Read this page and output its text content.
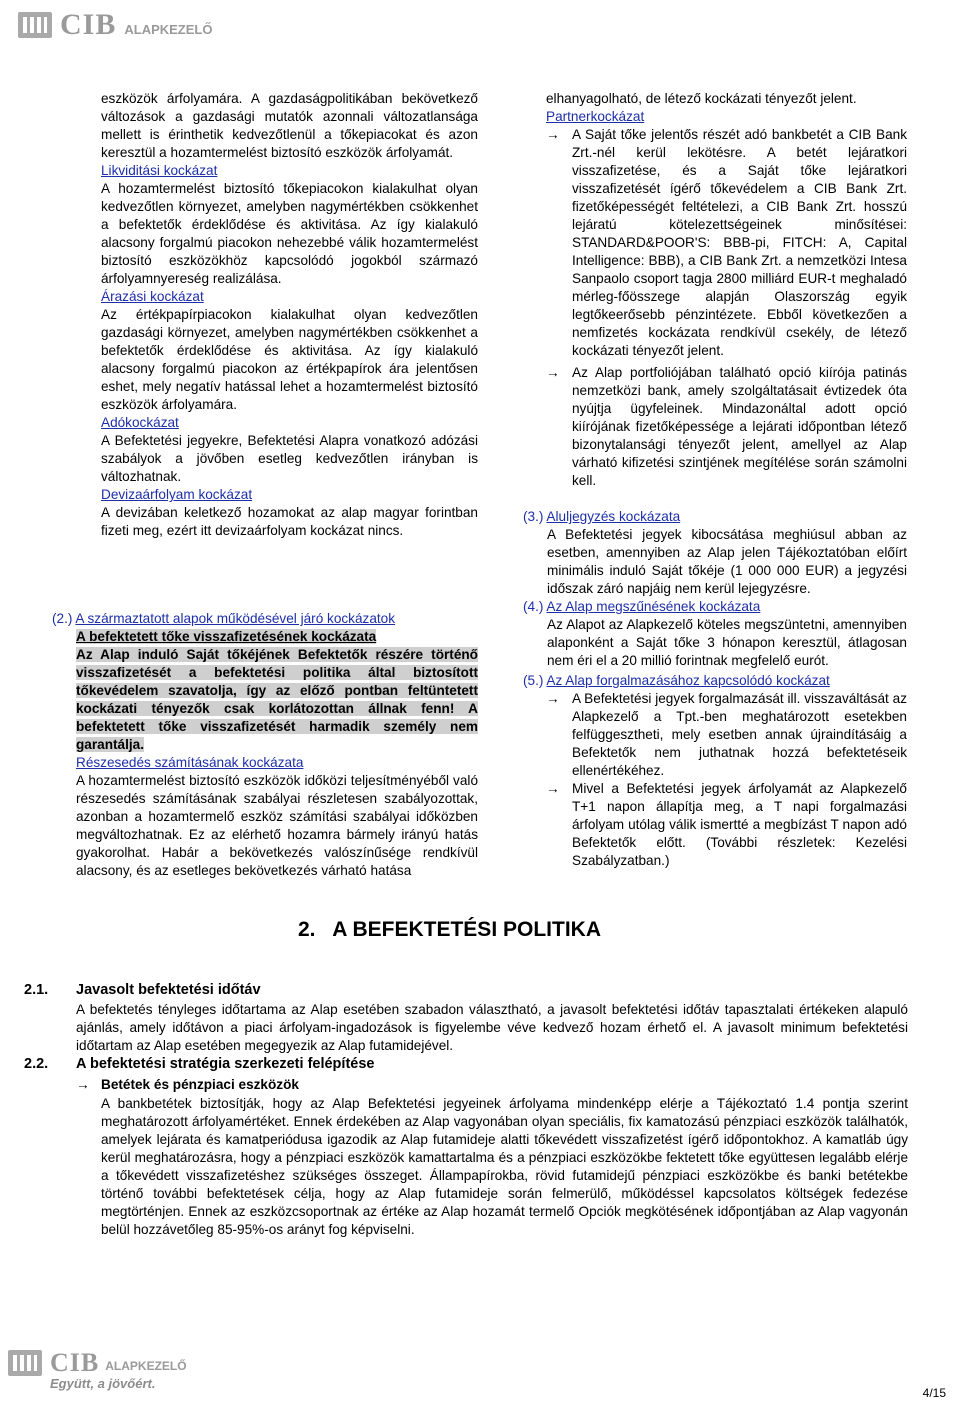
CIB ALAPKEZELŐ

eszközök árfolyamára. A gazdaságpolitikában bekövetkező változások a gazdasági mutatók azonnali változatlansága mellett is érinthetik kedvezőtlenül a tőkepiacokat és azon keresztül a hozamtermelést biztosító eszközök árfolyamát.

Likviditási kockázat

A hozamtermelést biztosító tőkepiacokon kialakulhat olyan kedvezőtlen környezet, amelyben nagymértékben csökkenhet a befektetők érdeklődése és aktivitása. Az így kialakuló alacsony forgalmú piacokon nehezebbé válik hozamtermelést biztosító eszközökhöz kapcsolódó jogokból származó árfolyamnyereség realizálása.

Árazási kockázat

Az értékpapírpiacokon kialakulhat olyan kedvezőtlen gazdasági környezet, amelyben nagymértékben csökkenhet a befektetők érdeklődése és aktivitása. Az így kialakuló alacsony forgalmú piacokon az értékpapírok ára jelentősen eshet, mely negatív hatással lehet a hozamtermelést biztosító eszközök árfolyamára.

Adókockázat

A Befektetési jegyekre, Befektetési Alapra vonatkozó adózási szabályok a jövőben esetleg kedvezőtlen irányban is változhatnak.

Devizaárfolyam kockázat

A devizában keletkező hozamokat az alap magyar forintban fizeti meg, ezért itt devizaárfolyam kockázat nincs.

(2.) A származtatott alapok működésével járó kockázatok

A befektetett tőke visszafizetésének kockázata

Az Alap induló Saját tőkéjének Befektetők részére történő visszafizetését a befektetési politika által biztosított tőkevédelem szavatolja, így az előző pontban feltüntetett kockázati tényezők csak korlátozottan állnak fenn! A befektetett tőke visszafizetését harmadik személy nem garantálja.

Részesedés számításának kockázata

A hozamtermelést biztosító eszközök időközi teljesítményéből való részesedés számításának szabályai részletesen szabályozottak, azonban a hozamtermelő eszköz számítási szabályai időközben megváltozhatnak. Ez az elérhető hozamra bármely irányú hatás gyakorolhat. Habár a bekövetkezés valószínűsége rendkívül alacsony, és az esetleges bekövetkezés várható hatása

elhanyagolható, de létező kockázati tényezőt jelent.

Partnerkockázat

→ A Saját tőke jelentős részét adó bankbetét a CIB Bank Zrt.-nél kerül lekötésre. A betét lejáratkori visszafizetése, és a Saját tőke lejáratkori visszafizetését ígérő tőkevédelem a CIB Bank Zrt. fizetőképességét feltételezi, a CIB Bank Zrt. hosszú lejáratú kötelezettségeinek minősítései: STANDARD&POOR'S: BBB-pi, FITCH: A, Capital Intelligence: BBB), a CIB Bank Zrt. a nemzetközi Intesa Sanpaolo csoport tagja 2800 milliárd EUR-t meghaladó mérleg-főösszege alapján Olaszország egyik legtőkeerősebb pénzintézete. Ebből következően a nemfizetés kockázata rendkívül csekély, de létező kockázati tényezőt jelent.
→ Az Alap portfoliójában található opció kiírója patinás nemzetközi bank, amely szolgáltatásait évtizedek óta nyújtja ügyfeleinek. Mindazonáltal adott opció kiírójának fizetőképessége a lejárati időpontban létező bizonytalansági tényezőt jelent, amellyel az Alap várható kifizetési szintjének megítélése során számolni kell.

(3.) Aluljegyzés kockázata

A Befektetési jegyek kibocsátása meghiúsul abban az esetben, amennyiben az Alap jelen Tájékoztatóban előírt minimális induló Saját tőkéje (1 000 000 EUR) a jegyzési időszak záró napjáig nem kerül lejegyzésre.

(4.) Az Alap megszűnésének kockázata

Az Alapot az Alapkezelő köteles megszüntetni, amennyiben alaponként a Saját tőke 3 hónapon keresztül, átlagosan nem éri el a 20 millió forintnak megfelelő eurót.

(5.) Az Alap forgalmazásához kapcsolódó kockázat

→ A Befektetési jegyek forgalmazását ill. visszaváltását az Alapkezelő a Tpt.-ben meghatározott esetekben felfüggesztheti, mely esetben annak újraindításáig a Befektetők nem juthatnak hozzá befektetéseik ellenértékéhez.
→ Mivel a Befektetési jegyek árfolyamát az Alapkezelő T+1 napon állapítja meg, a T napi forgalmazási árfolyam utólag válik ismertté a megbízást T napon adó Befektetők előtt. (További részletek: Kezelési Szabályzatban.)
2. A BEFEKTETÉSI POLITIKA
2.1. Javasolt befektetési időtáv
A befektetés tényleges időtartama az Alap esetében szabadon választható, a javasolt befektetési időtáv tapasztalati értékeken alapuló ajánlás, amely időtávon a piaci árfolyam-ingadozások is figyelembe véve kedvező hozam érhető el. A javasolt minimum befektetési időtartam az Alap esetében megegyezik az Alap futamidejével.
2.2. A befektetési stratégia szerkezeti felépítése
→ Betétek és pénzpiaci eszközök
A bankbetétek biztosítják, hogy az Alap Befektetési jegyeinek árfolyama mindenképp elérje a Tájékoztató 1.4 pontja szerint meghatározott árfolyamértéket. Ennek érdekében az Alap vagyonában olyan speciális, fix kamatozású pénzpiaci eszközök találhatók, amelyek lejárata és kamatperiódusa igazodik az Alap futamideje alatti tőkevédett visszafizetést ígérő időpontokhoz. A kamatláb úgy kerül meghatározásra, hogy a pénzpiaci eszközök kamattartalma és a pénzpiaci eszközökbe fektetett tőke együttesen legalább elérje a tőkevédett visszafizetéshez szükséges összeget. Állampapírokba, rövid futamidejű pénzpiaci eszközökbe és banki betétekbe történő további befektetések célja, hogy az Alap futamideje során felmerülő, működéssel kapcsolatos költségek fedezése megtörténjen. Ennek az eszközcsoportnak az értéke az Alap hozamát termelő Opciók megkötésének időpontjában az Alap vagyonán belül hozzávetőleg 85-95%-os arányt fog képviselni.
CIB ALAPKEZELŐ
Együtt, a jövőért.
4/15
